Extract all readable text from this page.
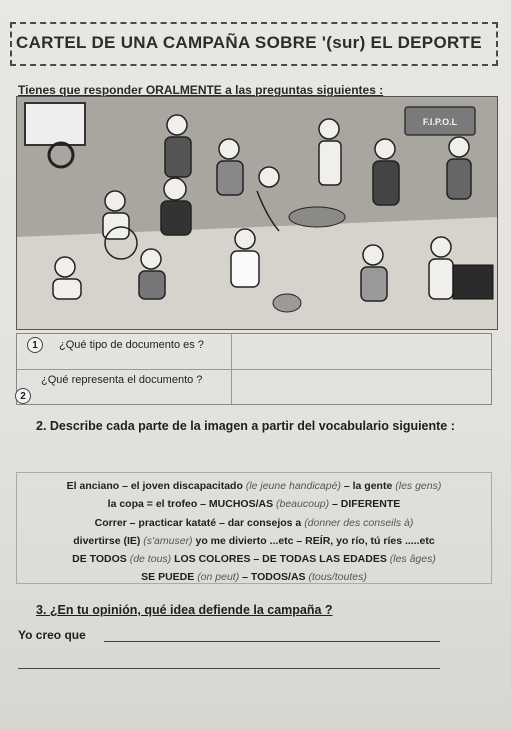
CARTEL DE UNA CAMPAÑA SOBRE '(sur) EL DEPORTE
Tienes que responder ORALMENTE a las preguntas siguientes :
F.I.P.O.L
1	¿Qué tipo de documento es ?
2
¿Qué representa el documento ?
2. Describe cada parte de la imagen a partir del vocabulario siguiente :
El anciano – el joven discapacitado (le jeune handicapé) – la gente (les gens)
la copa = el trofeo – MUCHOS/AS (beaucoup) – DIFERENTE
Correr – practicar kataté – dar consejos a (donner des conseils à)
divertirse (IE) (s'amuser) yo me divierto ...etc – REÍR, yo río, tú ríes .....etc
DE TODOS (de tous) LOS COLORES – DE TODAS LAS EDADES (les âges)
SE PUEDE (on peut) – TODOS/AS (tous/toutes)
3. ¿En tu opinión, qué idea defiende la campaña ?
Yo creo que
